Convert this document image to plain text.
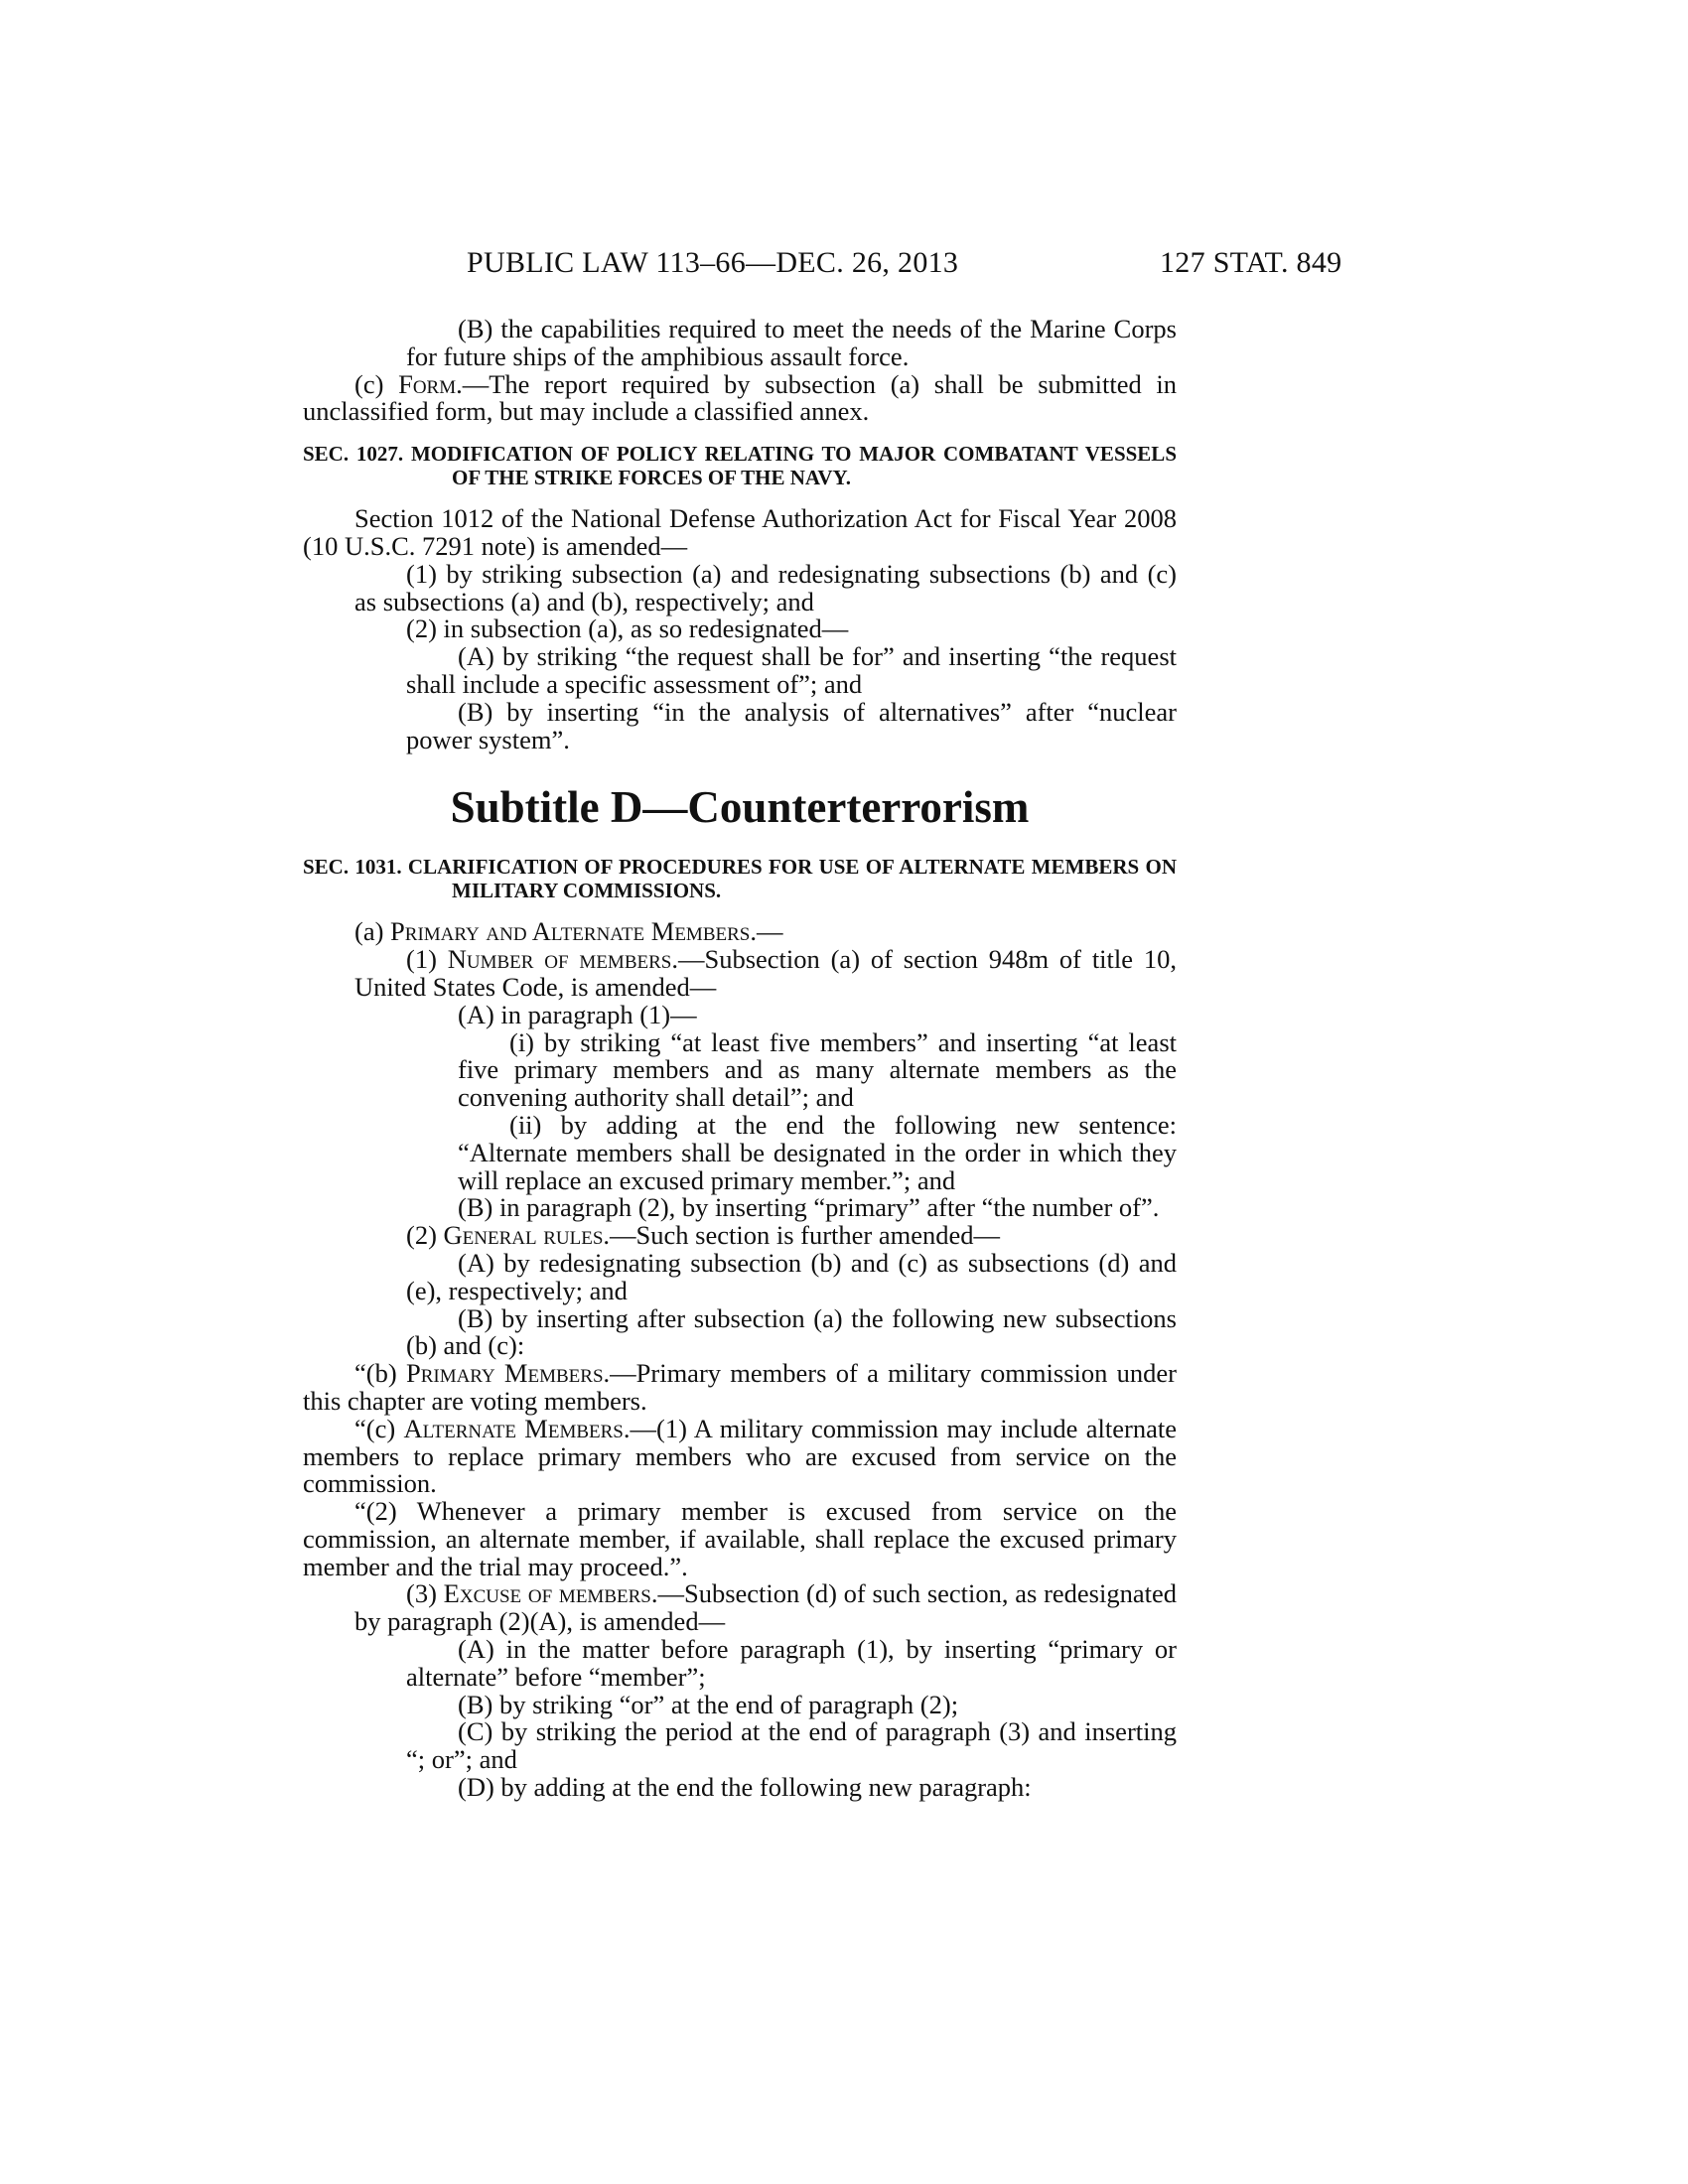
PUBLIC LAW 113–66—DEC. 26, 2013	127 STAT. 849

(B) the capabilities required to meet the needs of the Marine Corps for future ships of the amphibious assault force.

(c) Form.—The report required by subsection (a) shall be submitted in unclassified form, but may include a classified annex.

SEC. 1027. MODIFICATION OF POLICY RELATING TO MAJOR COMBATANT VESSELS OF THE STRIKE FORCES OF THE NAVY.

Section 1012 of the National Defense Authorization Act for Fiscal Year 2008 (10 U.S.C. 7291 note) is amended—

(1) by striking subsection (a) and redesignating subsections (b) and (c) as subsections (a) and (b), respectively; and

(2) in subsection (a), as so redesignated—

(A) by striking “the request shall be for” and inserting “the request shall include a specific assessment of”; and

(B) by inserting “in the analysis of alternatives” after “nuclear power system”.

Subtitle D—Counterterrorism

SEC. 1031. CLARIFICATION OF PROCEDURES FOR USE OF ALTERNATE MEMBERS ON MILITARY COMMISSIONS.

(a) Primary and Alternate Members.—

(1) Number of members.—Subsection (a) of section 948m of title 10, United States Code, is amended—

(A) in paragraph (1)—

(i) by striking “at least five members” and inserting “at least five primary members and as many alternate members as the convening authority shall detail”; and

(ii) by adding at the end the following new sentence: “Alternate members shall be designated in the order in which they will replace an excused primary member.”; and

(B) in paragraph (2), by inserting “primary” after “the number of”.

(2) General rules.—Such section is further amended—

(A) by redesignating subsection (b) and (c) as subsections (d) and (e), respectively; and

(B) by inserting after subsection (a) the following new subsections (b) and (c):

“(b) Primary Members.—Primary members of a military commission under this chapter are voting members.

“(c) Alternate Members.—(1) A military commission may include alternate members to replace primary members who are excused from service on the commission.

“(2) Whenever a primary member is excused from service on the commission, an alternate member, if available, shall replace the excused primary member and the trial may proceed.”.

(3) Excuse of members.—Subsection (d) of such section, as redesignated by paragraph (2)(A), is amended—

(A) in the matter before paragraph (1), by inserting “primary or alternate” before “member”;

(B) by striking “or” at the end of paragraph (2);

(C) by striking the period at the end of paragraph (3) and inserting “; or”; and

(D) by adding at the end the following new paragraph:
